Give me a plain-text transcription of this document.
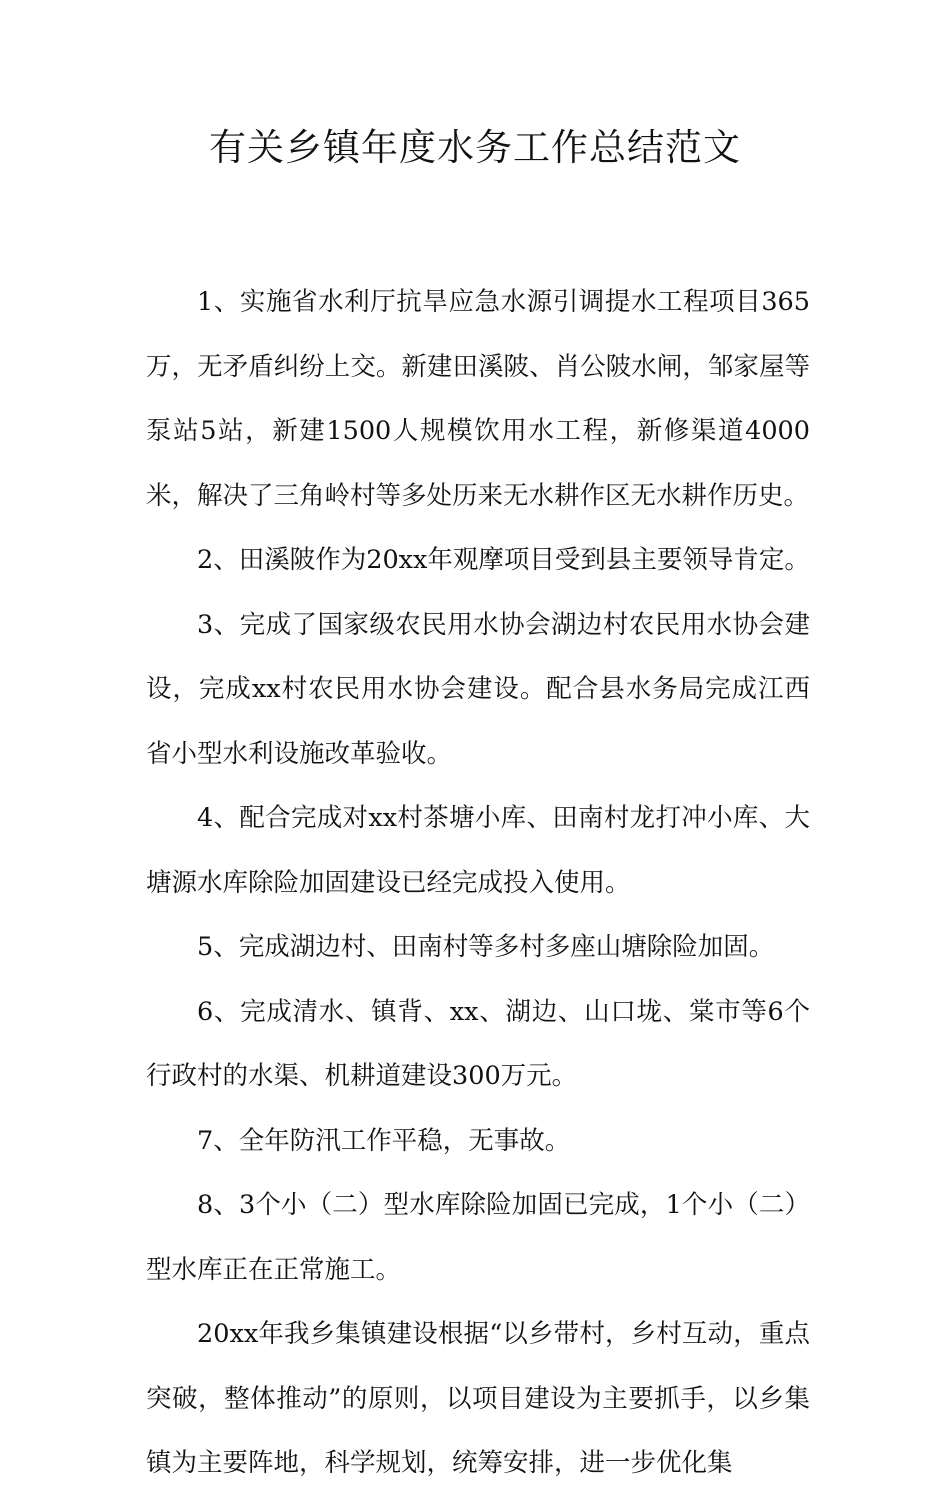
有关乡镇年度水务工作总结范文

1、实施省水利厅抗旱应急水源引调提水工程项目365万，无矛盾纠纷上交。新建田溪陂、肖公陂水闸，邹家屋等泵站5站，新建1500人规模饮用水工程，新修渠道4000米，解决了三角岭村等多处历来无水耕作区无水耕作历史。

2、田溪陂作为20xx年观摩项目受到县主要领导肯定。

3、完成了国家级农民用水协会湖边村农民用水协会建设，完成xx村农民用水协会建设。配合县水务局完成江西省小型水利设施改革验收。

4、配合完成对xx村茶塘小库、田南村龙打冲小库、大塘源水库除险加固建设已经完成投入使用。

5、完成湖边村、田南村等多村多座山塘除险加固。

6、完成清水、镇背、xx、湖边、山口垅、棠市等6个行政村的水渠、机耕道建设300万元。

7、全年防汛工作平稳，无事故。

8、3个小（二）型水库除险加固已完成，1个小（二）型水库正在正常施工。

20xx年我乡集镇建设根据“以乡带村，乡村互动，重点突破，整体推动”的原则，以项目建设为主要抓手，以乡集镇为主要阵地，科学规划，统筹安排，进一步优化集
